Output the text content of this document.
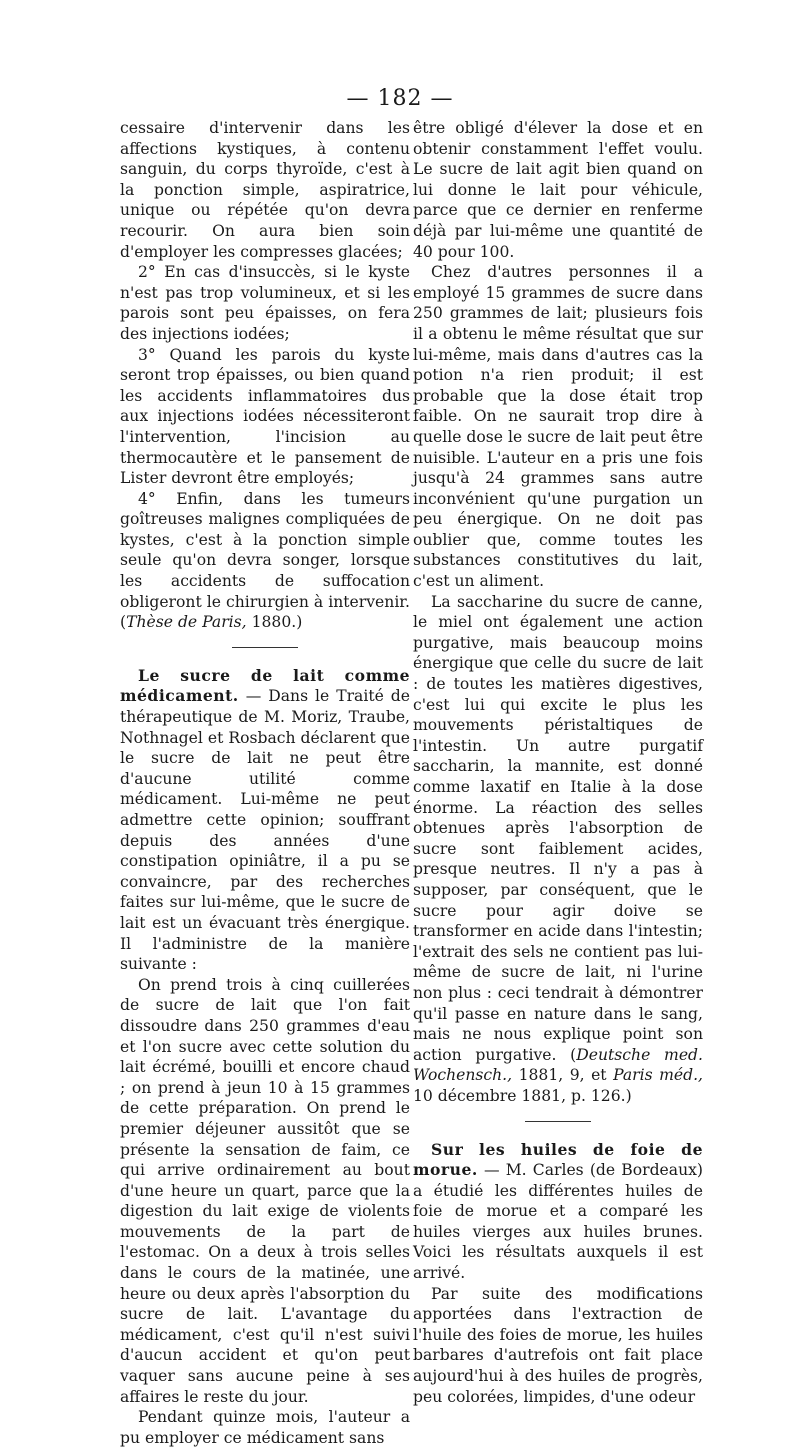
— 182 —

cessaire d'intervenir dans les affections kystiques, à contenu sanguin, du corps thyroïde, c'est à la ponction simple, aspiratrice, unique ou répétée qu'on devra recourir. On aura bien soin d'employer les compresses glacées;

2° En cas d'insuccès, si le kyste n'est pas trop volumineux, et si les parois sont peu épaisses, on fera des injections iodées;

3° Quand les parois du kyste seront trop épaisses, ou bien quand les accidents inflammatoires dus aux injections iodées nécessiteront l'intervention, l'incision au thermocautère et le pansement de Lister devront être employés;

4° Enfin, dans les tumeurs goîtreuses malignes compliquées de kystes, c'est à la ponction simple seule qu'on devra songer, lorsque les accidents de suffocation obligeront le chirurgien à intervenir. (Thèse de Paris, 1880.)

Le sucre de lait comme médicament. — Dans le Traité de thérapeutique de M. Moriz, Traube, Nothnagel et Rosbach déclarent que le sucre de lait ne peut être d'aucune utilité comme médicament. Lui-même ne peut admettre cette opinion; souffrant depuis des années d'une constipation opiniâtre, il a pu se convaincre, par des recherches faites sur lui-même, que le sucre de lait est un évacuant très énergique. Il l'administre de la manière suivante :

On prend trois à cinq cuillerées de sucre de lait que l'on fait dissoudre dans 250 grammes d'eau et l'on sucre avec cette solution du lait écrémé, bouilli et encore chaud ; on prend à jeun 10 à 15 grammes de cette préparation. On prend le premier déjeuner aussitôt que se présente la sensation de faim, ce qui arrive ordinairement au bout d'une heure un quart, parce que la digestion du lait exige de violents mouvements de la part de l'estomac. On a deux à trois selles dans le cours de la matinée, une heure ou deux après l'absorption du sucre de lait. L'avantage du médicament, c'est qu'il n'est suivi d'aucun accident et qu'on peut vaquer sans aucune peine à ses affaires le reste du jour.

Pendant quinze mois, l'auteur a pu employer ce médicament sans

être obligé d'élever la dose et en obtenir constamment l'effet voulu. Le sucre de lait agit bien quand on lui donne le lait pour véhicule, parce que ce dernier en renferme déjà par lui-même une quantité de 40 pour 100.

Chez d'autres personnes il a employé 15 grammes de sucre dans 250 grammes de lait; plusieurs fois il a obtenu le même résultat que sur lui-même, mais dans d'autres cas la potion n'a rien produit; il est probable que la dose était trop faible. On ne saurait trop dire à quelle dose le sucre de lait peut être nuisible. L'auteur en a pris une fois jusqu'à 24 grammes sans autre inconvénient qu'une purgation un peu énergique. On ne doit pas oublier que, comme toutes les substances constitutives du lait, c'est un aliment.

La saccharine du sucre de canne, le miel ont également une action purgative, mais beaucoup moins énergique que celle du sucre de lait : de toutes les matières digestives, c'est lui qui excite le plus les mouvements péristaltiques de l'intestin. Un autre purgatif saccharin, la mannite, est donné comme laxatif en Italie à la dose énorme. La réaction des selles obtenues après l'absorption de sucre sont faiblement acides, presque neutres. Il n'y a pas à supposer, par conséquent, que le sucre pour agir doive se transformer en acide dans l'intestin; l'extrait des sels ne contient pas lui-même de sucre de lait, ni l'urine non plus : ceci tendrait à démontrer qu'il passe en nature dans le sang, mais ne nous explique point son action purgative. (Deutsche med. Wochensch., 1881, 9, et Paris méd., 10 décembre 1881, p. 126.)

Sur les huiles de foie de morue. — M. Carles (de Bordeaux) a étudié les différentes huiles de foie de morue et a comparé les huiles vierges aux huiles brunes. Voici les résultats auxquels il est arrivé.

Par suite des modifications apportées dans l'extraction de l'huile des foies de morue, les huiles barbares d'autrefois ont fait place aujourd'hui à des huiles de progrès, peu colorées, limpides, d'une odeur
